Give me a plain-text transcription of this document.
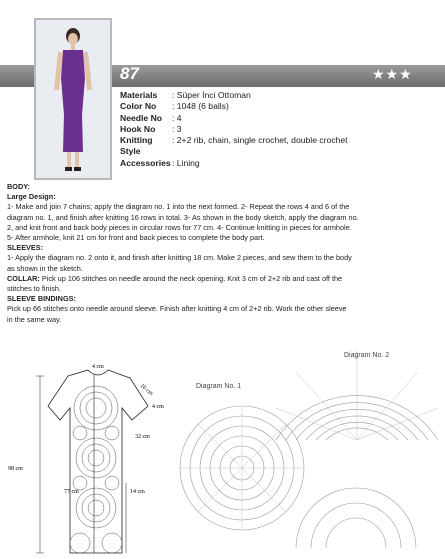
87	★★★
Materials	: Süper İnci Ottoman
Color No	: 1048 (6 balls)
Needle No	: 4
Hook No	: 3
Knitting Style
: 2+2 rib, chain, single crochet, double crochet
Accessories : Lining

BODY:

Large Design:

1- Make and join 7 chains; apply the diagram no. 1 into the next formed. 2- Repeat the rows 4 and 6 of the

diagram no. 1, and finish after knitting 16 rows in total. 3- As shown in the body sketch, apply the diagram no.

2, and knit front and back body pieces in circular rows for 77 cm. 4- Continue knitting in pieces for armhole.

5- After armhole, knit 21 cm for front and back pieces to complete the body part.

SLEEVES:

1- Apply the diagram no. 2 onto it, and finish after knitting 18 cm. Make 2 pieces, and sew them to the body

as shown in the sketch.

COLLAR: Pick up 106 stitches on needle around the neck opening. Knit 3 cm of 2+2 rib and cast off the

stitches to finish.

SLEEVE BINDINGS:

Pick up 66 stitches onto needle around sleeve. Finish after knitting 4 cm of 2+2 rib. Work the other sleeve

in the same way.

4 cm
16 cm
4 cm
32 cm
98 cm
77 cm	14 cm
Diagram No. 1
Diagram No. 2
